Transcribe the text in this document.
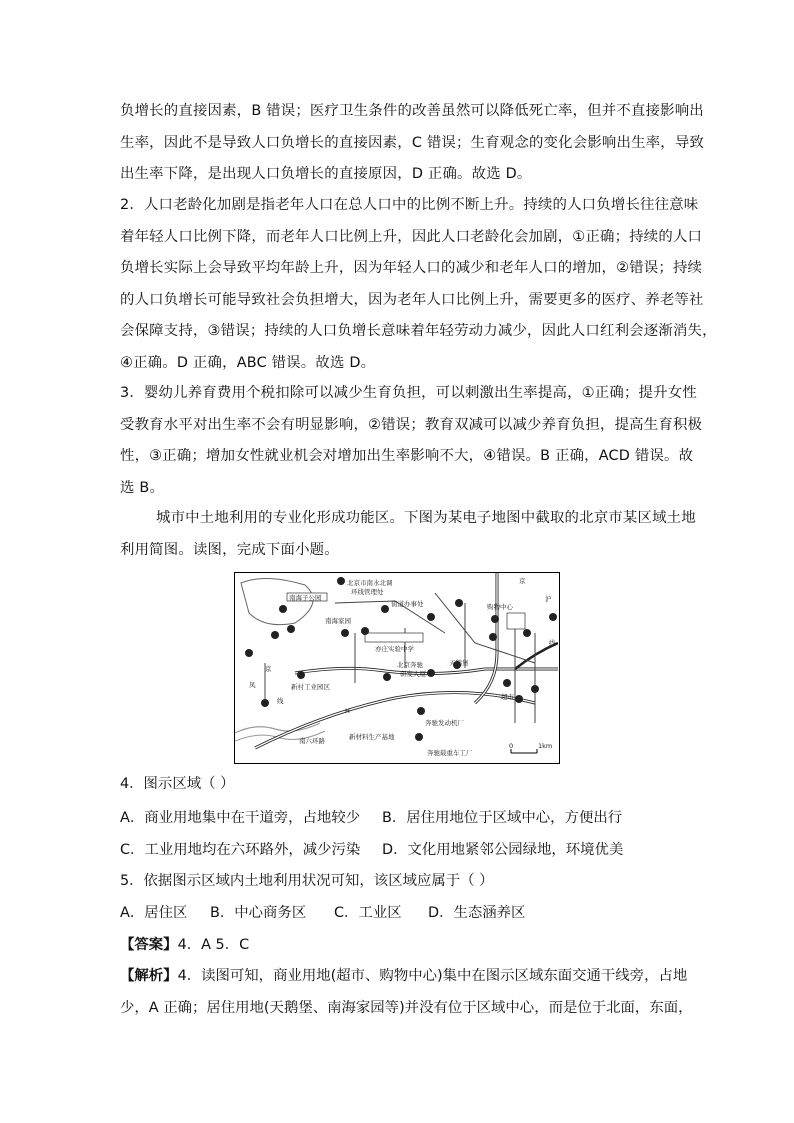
负增长的直接因素，B 错误；医疗卫生条件的改善虽然可以降低死亡率，但并不直接影响出
生率，因此不是导致人口负增长的直接因素，C 错误；生育观念的变化会影响出生率，导致
出生率下降，是出现人口负增长的直接原因，D 正确。故选 D。
2．人口老龄化加剧是指老年人口在总人口中的比例不断上升。持续的人口负增长往往意味
着年轻人口比例下降，而老年人口比例上升，因此人口老龄化会加剧，①正确；持续的人口
负增长实际上会导致平均年龄上升，因为年轻人口的减少和老年人口的增加，②错误；持续
的人口负增长可能导致社会负担增大，因为老年人口比例上升，需要更多的医疗、养老等社
会保障支持，③错误；持续的人口负增长意味着年轻劳动力减少，因此人口红利会逐渐消失，
④正确。D 正确，ABC 错误。故选 D。
3．婴幼儿养育费用个税扣除可以减少生育负担，可以刺激出生率提高，①正确；提升女性
受教育水平对出生率不会有明显影响，②错误；教育双减可以减少养育负担，提高生育积极
性，③正确；增加女性就业机会对增加出生率影响不大，④错误。B 正确，ACD 错误。故
选 B。
城市中土地利用的专业化形成功能区。下图为某电子地图中截取的北京市某区域土地
利用简图。读图，完成下面小题。
南海子公园
北京市南水北调
环线管理处
街道办事处	购物中心
京
沪
线
南海家园
亦庄实验中学
北京奔驰
研发大厦
天鹅堡
京
凤
线
新村工业园区
超市
H
奔驰发动机厂
南六环路	新材料生产基地
奔驰载重车工厂
0	1km
4．图示区域（ ）
A．商业用地集中在干道旁，占地较少 B．居住用地位于区域中心，方便出行
C．工业用地均在六环路外，减少污染 D．文化用地紧邻公园绿地，环境优美
5．依据图示区域内土地利用状况可知，该区域应属于（ ）
A．居住区 B．中心商务区 C．工业区 D．生态涵养区
【答案】4．A 5．C
【解析】4．读图可知，商业用地(超市、购物中心)集中在图示区域东面交通干线旁，占地
少，A 正确；居住用地(天鹅堡、南海家园等)并没有位于区域中心，而是位于北面，东面，
